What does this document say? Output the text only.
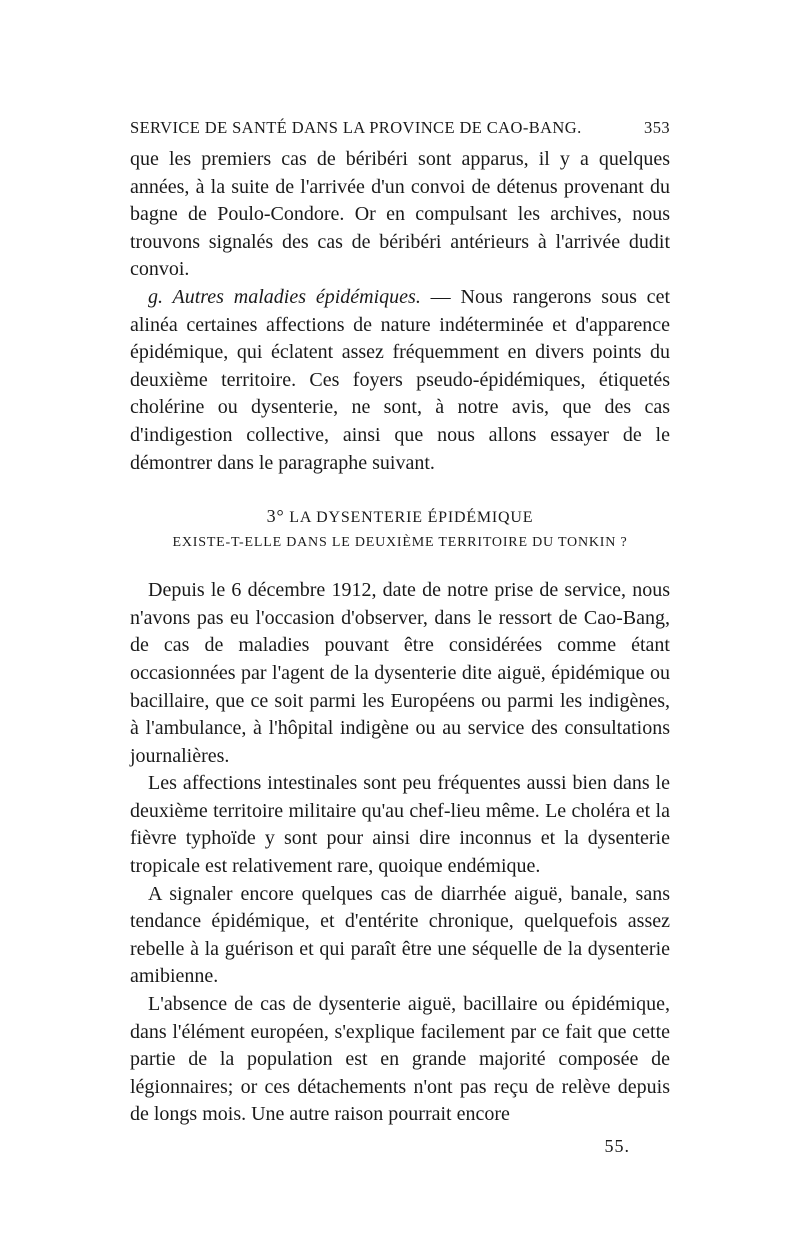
SERVICE DE SANTÉ DANS LA PROVINCE DE CAO-BANG.	353

que les premiers cas de béribéri sont apparus, il y a quelques années, à la suite de l'arrivée d'un convoi de détenus provenant du bagne de Poulo-Condore. Or en compulsant les archives, nous trouvons signalés des cas de béribéri antérieurs à l'arrivée dudit convoi.

g. Autres maladies épidémiques. — Nous rangerons sous cet alinéa certaines affections de nature indéterminée et d'apparence épidémique, qui éclatent assez fréquemment en divers points du deuxième territoire. Ces foyers pseudo-épidémiques, étiquetés cholérine ou dysenterie, ne sont, à notre avis, que des cas d'indigestion collective, ainsi que nous allons essayer de le démontrer dans le paragraphe suivant.

3° LA DYSENTERIE ÉPIDÉMIQUE
EXISTE-T-ELLE DANS LE DEUXIÈME TERRITOIRE DU TONKIN ?

Depuis le 6 décembre 1912, date de notre prise de service, nous n'avons pas eu l'occasion d'observer, dans le ressort de Cao-Bang, de cas de maladies pouvant être considérées comme étant occasionnées par l'agent de la dysenterie dite aiguë, épidémique ou bacillaire, que ce soit parmi les Européens ou parmi les indigènes, à l'ambulance, à l'hôpital indigène ou au service des consultations journalières.

Les affections intestinales sont peu fréquentes aussi bien dans le deuxième territoire militaire qu'au chef-lieu même. Le choléra et la fièvre typhoïde y sont pour ainsi dire inconnus et la dysenterie tropicale est relativement rare, quoique endémique.

A signaler encore quelques cas de diarrhée aiguë, banale, sans tendance épidémique, et d'entérite chronique, quelquefois assez rebelle à la guérison et qui paraît être une séquelle de la dysenterie amibienne.

L'absence de cas de dysenterie aiguë, bacillaire ou épidémique, dans l'élément européen, s'explique facilement par ce fait que cette partie de la population est en grande majorité composée de légionnaires; or ces détachements n'ont pas reçu de relève depuis de longs mois. Une autre raison pourrait encore

55.
